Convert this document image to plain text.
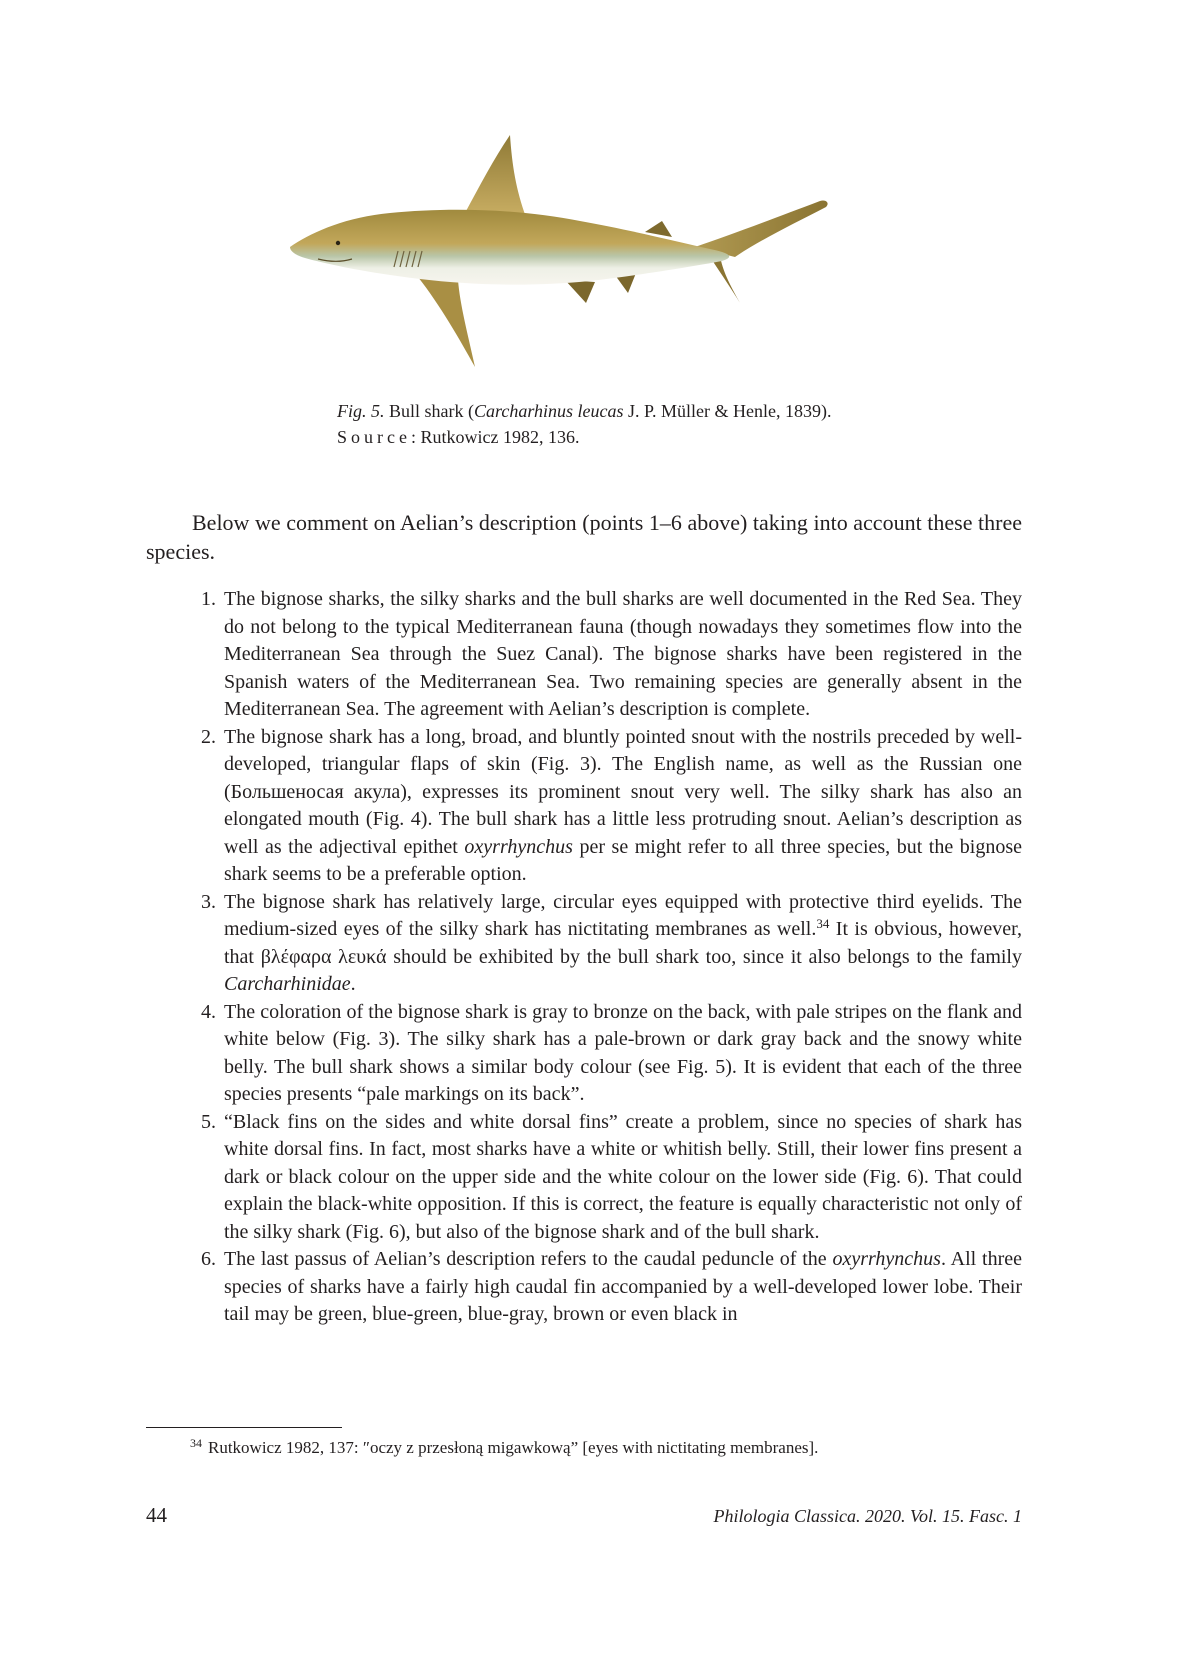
Fig. 5. Bull shark (Carcharhinus leucas J. P. Müller & Henle, 1839).
Source: Rutkowicz 1982, 136.

Below we comment on Aelian’s description (points 1–6 above) taking into account these three species.

1. The bignose sharks, the silky sharks and the bull sharks are well documented in the Red Sea. They do not belong to the typical Mediterranean fauna (though nowadays they sometimes flow into the Mediterranean Sea through the Suez Canal). The bignose sharks have been registered in the Spanish waters of the Mediterranean Sea. Two remaining species are generally absent in the Mediterranean Sea. The agreement with Aelian’s description is complete.
2. The bignose shark has a long, broad, and bluntly pointed snout with the nostrils preceded by well-developed, triangular flaps of skin (Fig. 3). The English name, as well as the Russian one (Большеносая акула), expresses its prominent snout very well. The silky shark has also an elongated mouth (Fig. 4). The bull shark has a little less protruding snout. Aelian’s description as well as the adjectival epithet oxyrrhynchus per se might refer to all three species, but the bignose shark seems to be a preferable option.
3. The bignose shark has relatively large, circular eyes equipped with protective third eyelids. The medium-sized eyes of the silky shark has nictitating membranes as well.$^{34}$ It is obvious, however, that βλέφαρα λευκά should be exhibited by the bull shark too, since it also belongs to the family Carcharhinidae.
4. The coloration of the bignose shark is gray to bronze on the back, with pale stripes on the flank and white below (Fig. 3). The silky shark has a pale-brown or dark gray back and the snowy white belly. The bull shark shows a similar body colour (see Fig. 5). It is evident that each of the three species presents “pale markings on its back”.
5. “Black fins on the sides and white dorsal fins” create a problem, since no species of shark has white dorsal fins. In fact, most sharks have a white or whitish belly. Still, their lower fins present a dark or black colour on the upper side and the white colour on the lower side (Fig. 6). That could explain the black-white opposition. If this is correct, the feature is equally characteristic not only of the silky shark (Fig. 6), but also of the bignose shark and of the bull shark.
6. The last passus of Aelian’s description refers to the caudal peduncle of the oxyrrhynchus. All three species of sharks have a fairly high caudal fin accompanied by a well-developed lower lobe. Their tail may be green, blue-green, blue-gray, brown or even black in
$^{34}$ Rutkowicz 1982, 137: ″oczy z przesłoną migawkową” [eyes with nictitating membranes].
44	Philologia Classica. 2020. Vol. 15. Fasc. 1
